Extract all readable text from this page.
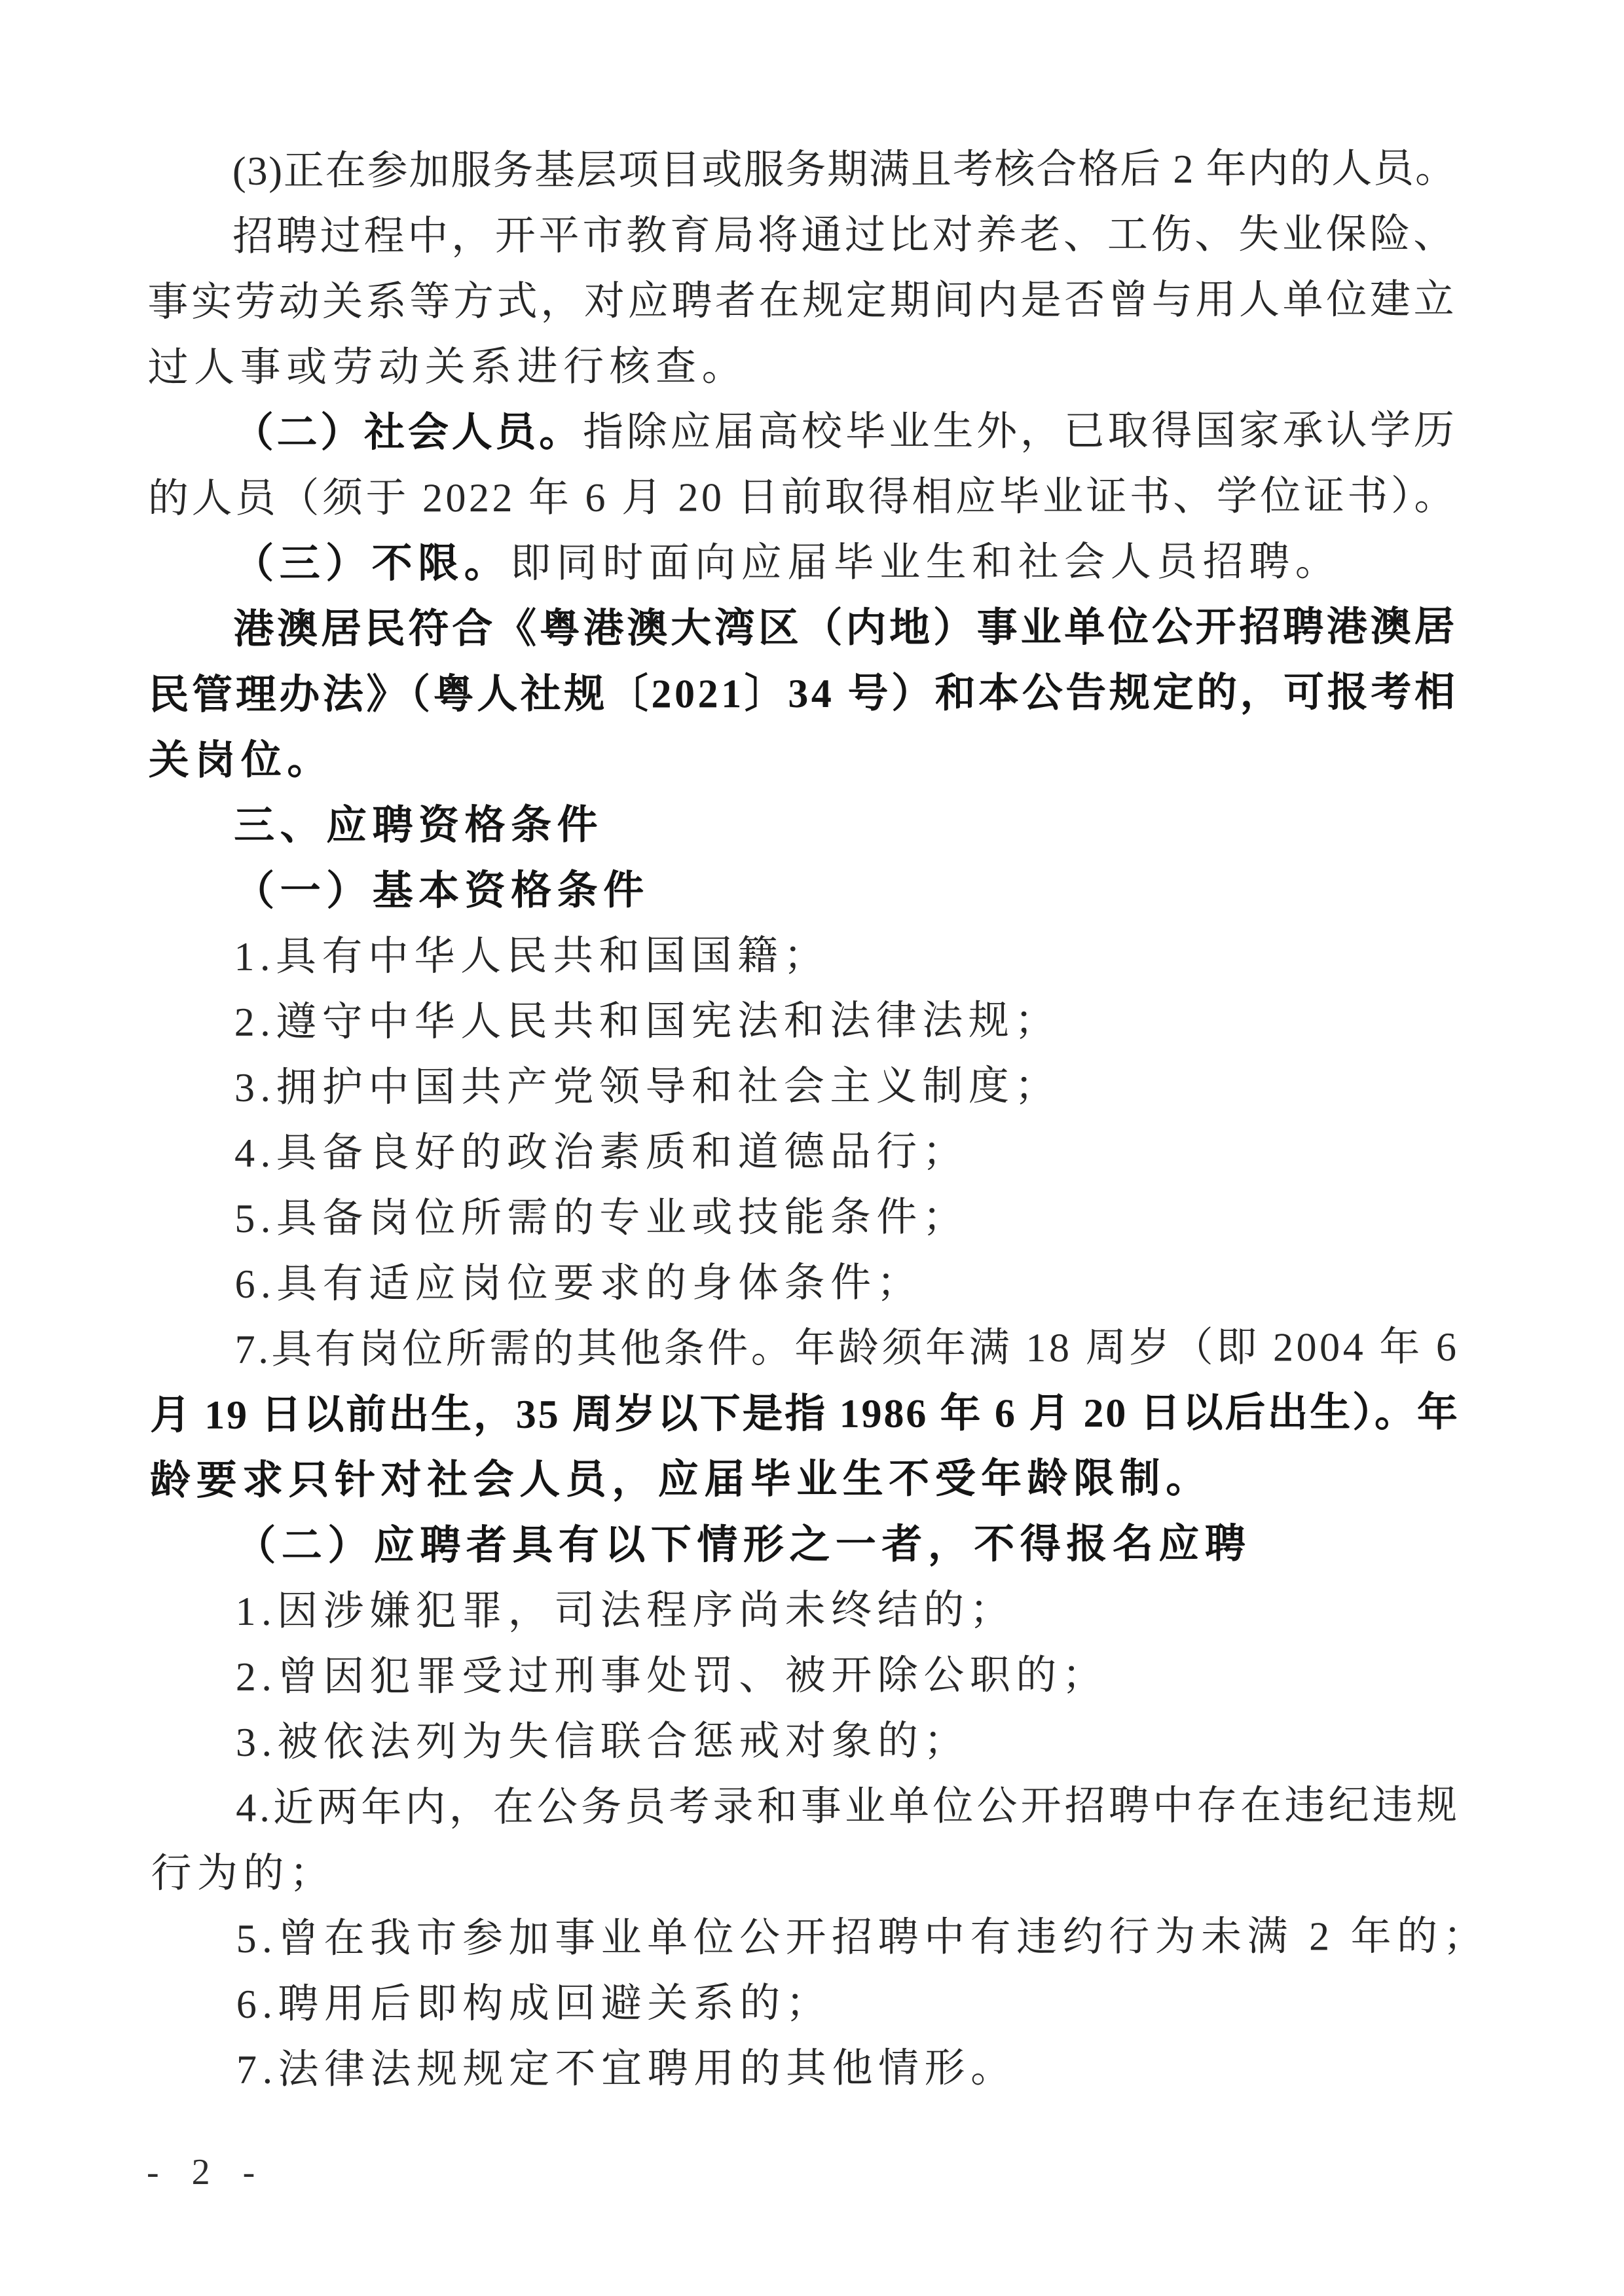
(3)正在参加服务基层项目或服务期满且考核合格后 2 年内的人员。
招聘过程中，开平市教育局将通过比对养老、工伤、失业保险、
事实劳动关系等方式，对应聘者在规定期间内是否曾与用人单位建立
过人事或劳动关系进行核查。
（二）社会人员。指除应届高校毕业生外，已取得国家承认学历
的人员（须于 2022 年 6 月 20 日前取得相应毕业证书、学位证书）。
（三）不限。即同时面向应届毕业生和社会人员招聘。
港澳居民符合《粤港澳大湾区（内地）事业单位公开招聘港澳居
民管理办法》（粤人社规〔2021〕34 号）和本公告规定的，可报考相
关岗位。
三、应聘资格条件
（一）基本资格条件
1.具有中华人民共和国国籍；
2.遵守中华人民共和国宪法和法律法规；
3.拥护中国共产党领导和社会主义制度；
4.具备良好的政治素质和道德品行；
5.具备岗位所需的专业或技能条件；
6.具有适应岗位要求的身体条件；
7.具有岗位所需的其他条件。年龄须年满 18 周岁（即 2004 年 6
月 19 日以前出生，35 周岁以下是指 1986 年 6 月 20 日以后出生）。年
龄要求只针对社会人员，应届毕业生不受年龄限制。
（二）应聘者具有以下情形之一者，不得报名应聘
1.因涉嫌犯罪，司法程序尚未终结的；
2.曾因犯罪受过刑事处罚、被开除公职的；
3.被依法列为失信联合惩戒对象的；
4.近两年内，在公务员考录和事业单位公开招聘中存在违纪违规
行为的；
5.曾在我市参加事业单位公开招聘中有违约行为未满 2 年的；
6.聘用后即构成回避关系的；
7.法律法规规定不宜聘用的其他情形。
- 2 -
